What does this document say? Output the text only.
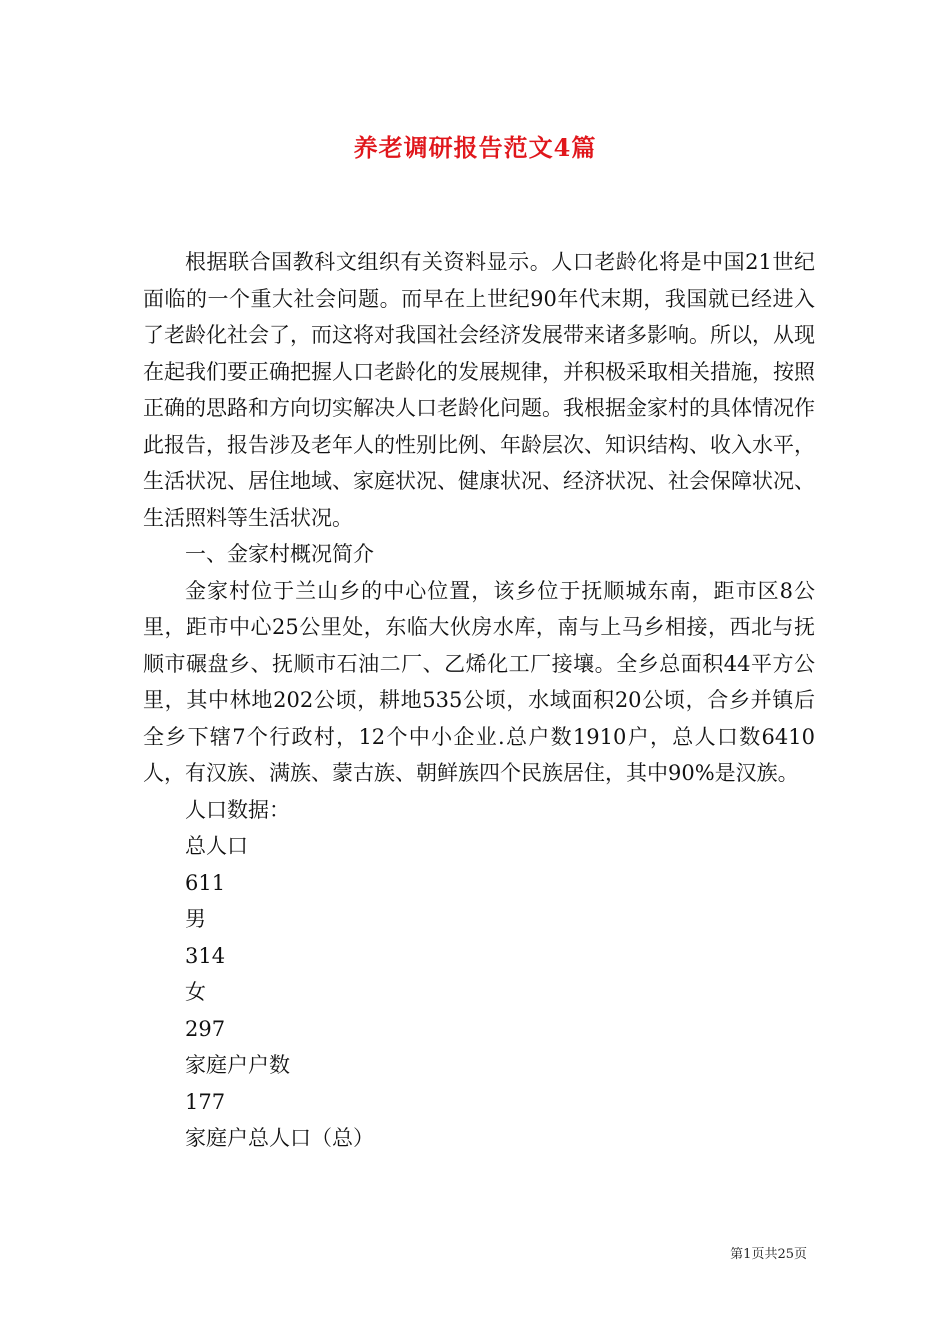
养老调研报告范文4篇

根据联合国教科文组织有关资料显示。人口老龄化将是中国21世纪面临的一个重大社会问题。而早在上世纪90年代末期，我国就已经进入了老龄化社会了，而这将对我国社会经济发展带来诸多影响。所以，从现在起我们要正确把握人口老龄化的发展规律，并积极采取相关措施，按照正确的思路和方向切实解决人口老龄化问题。我根据金家村的具体情况作此报告，报告涉及老年人的性别比例、年龄层次、知识结构、收入水平，生活状况、居住地域、家庭状况、健康状况、经济状况、社会保障状况、生活照料等生活状况。

一、金家村概况简介

金家村位于兰山乡的中心位置，该乡位于抚顺城东南，距市区8公里，距市中心25公里处，东临大伙房水库，南与上马乡相接，西北与抚顺市碾盘乡、抚顺市石油二厂、乙烯化工厂接壤。全乡总面积44平方公里，其中林地202公顷，耕地535公顷，水域面积20公顷，合乡并镇后全乡下辖7个行政村，12个中小企业.总户数1910户，总人口数6410人，有汉族、满族、蒙古族、朝鲜族四个民族居住，其中90%是汉族。

人口数据：

总人口

611

男

314

女

297

家庭户户数

177

家庭户总人口（总）

第1页共25页
